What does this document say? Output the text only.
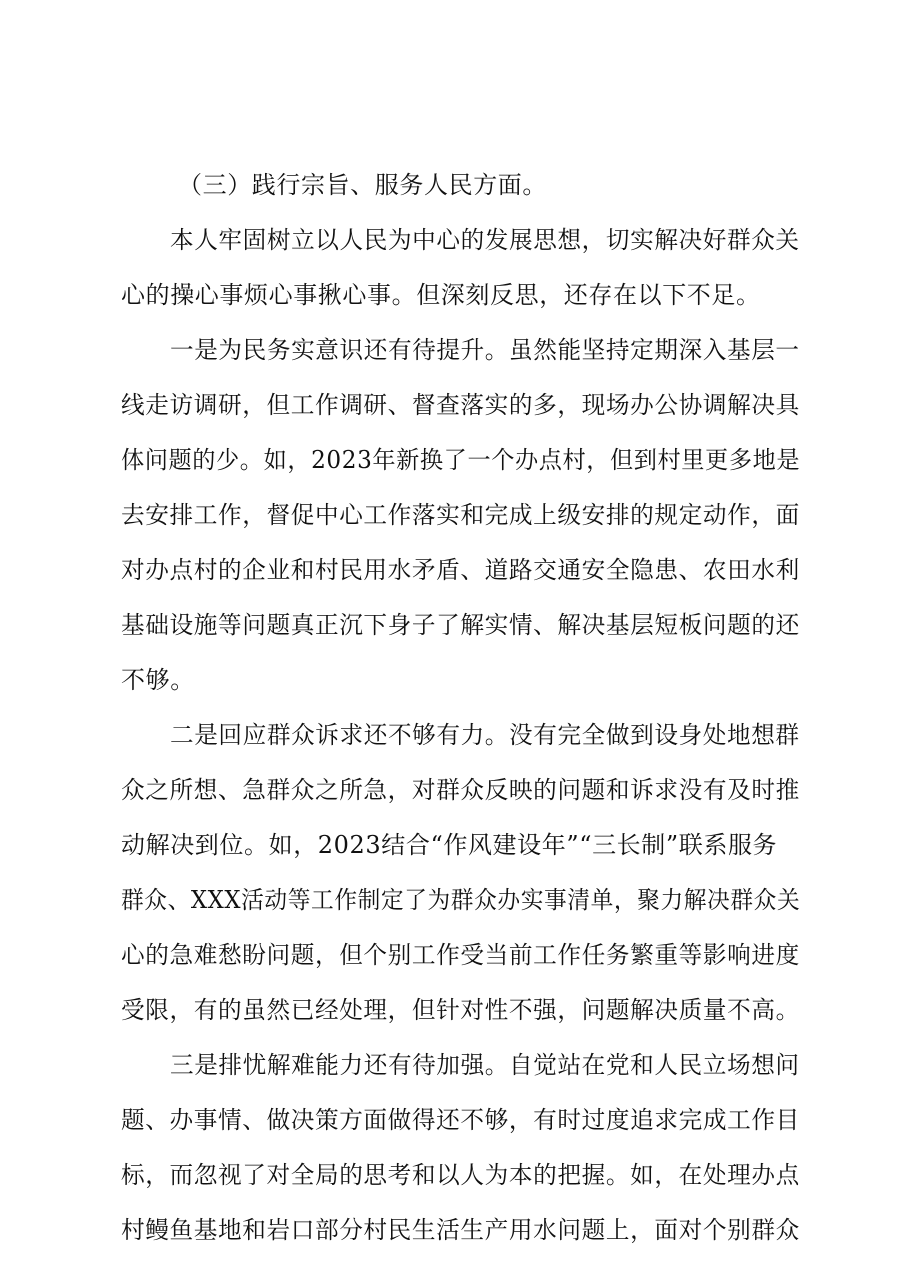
（三）践行宗旨、服务人民方面。
本人牢固树立以人民为中心的发展思想，切实解决好群众关
心的操心事烦心事揪心事。但深刻反思，还存在以下不足。
一是为民务实意识还有待提升。虽然能坚持定期深入基层一
线走访调研，但工作调研、督查落实的多，现场办公协调解决具
体问题的少。如，2023年新换了一个办点村，但到村里更多地是
去安排工作，督促中心工作落实和完成上级安排的规定动作，面
对办点村的企业和村民用水矛盾、道路交通安全隐患、农田水利
基础设施等问题真正沉下身子了解实情、解决基层短板问题的还
不够。
二是回应群众诉求还不够有力。没有完全做到设身处地想群
众之所想、急群众之所急，对群众反映的问题和诉求没有及时推
动解决到位。如，2023结合“作风建设年”“三长制”联系服务
群众、XXX活动等工作制定了为群众办实事清单，聚力解决群众关
心的急难愁盼问题，但个别工作受当前工作任务繁重等影响进度
受限，有的虽然已经处理，但针对性不强，问题解决质量不高。
三是排忧解难能力还有待加强。自觉站在党和人民立场想问
题、办事情、做决策方面做得还不够，有时过度追求完成工作目
标，而忽视了对全局的思考和以人为本的把握。如，在处理办点
村鳗鱼基地和岩口部分村民生活生产用水问题上，面对个别群众
